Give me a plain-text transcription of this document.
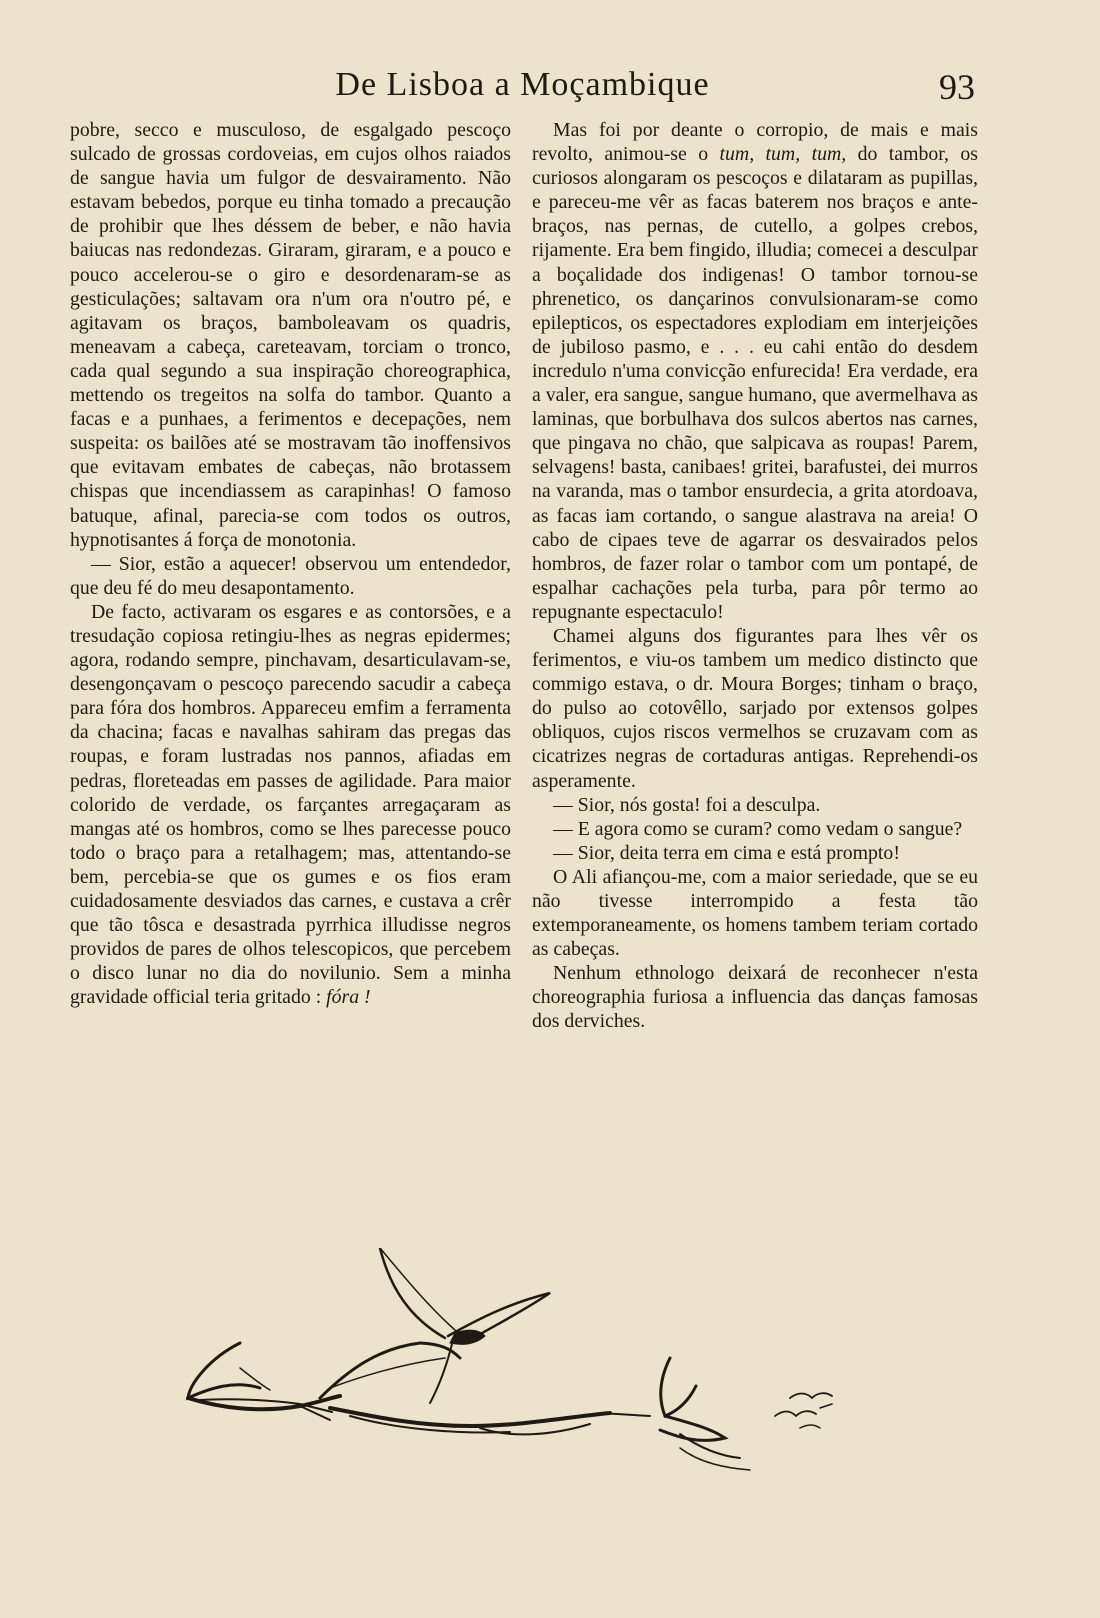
De Lisboa a Moçambique	93

pobre, secco e musculoso, de esgalgado pescoço sulcado de grossas cordoveias, em cujos olhos raiados de sangue havia um fulgor de desvairamento. Não estavam bebedos, porque eu tinha tomado a precaução de prohibir que lhes déssem de beber, e não havia baiucas nas redondezas. Giraram, giraram, e a pouco e pouco accelerou-se o giro e desordenaram-se as gesticulações; saltavam ora n'um ora n'outro pé, e agitavam os braços, bamboleavam os quadris, meneavam a cabeça, careteavam, torciam o tronco, cada qual segundo a sua inspiração choreographica, mettendo os tregeitos na solfa do tambor. Quanto a facas e a punhaes, a ferimentos e decepações, nem suspeita: os bailões até se mostravam tão inoffensivos que evitavam embates de cabeças, não brotassem chispas que incendiassem as carapinhas! O famoso batuque, afinal, parecia-se com todos os outros, hypnotisantes á força de monotonia.

— Sior, estão a aquecer! observou um entendedor, que deu fé do meu desapontamento.

De facto, activaram os esgares e as contorsões, e a tresudação copiosa retingiu-lhes as negras epidermes; agora, rodando sempre, pinchavam, desarticulavam-se, desengonçavam o pescoço parecendo sacudir a cabeça para fóra dos hombros. Appareceu emfim a ferramenta da chacina; facas e navalhas sahiram das pregas das roupas, e foram lustradas nos pannos, afiadas em pedras, floreteadas em passes de agilidade. Para maior colorido de verdade, os farçantes arregaçaram as mangas até os hombros, como se lhes parecesse pouco todo o braço para a retalhagem; mas, attentando-se bem, percebia-se que os gumes e os fios eram cuidadosamente desviados das carnes, e custava a crêr que tão tôsca e desastrada pyrrhica illudisse negros providos de pares de olhos telescopicos, que percebem o disco lunar no dia do novilunio. Sem a minha gravidade official teria gritado : fóra !

Mas foi por deante o corropio, de mais e mais revolto, animou-se o tum, tum, tum, do tambor, os curiosos alongaram os pescoços e dilataram as pupillas, e pareceu-me vêr as facas baterem nos braços e ante-braços, nas pernas, de cutello, a golpes crebos, rijamente. Era bem fingido, illudia; comecei a desculpar a boçalidade dos indigenas! O tambor tornou-se phrenetico, os dançarinos convulsionaram-se como epilepticos, os espectadores explodiam em interjeições de jubiloso pasmo, e . . . eu cahi então do desdem incredulo n'uma convicção enfurecida! Era verdade, era a valer, era sangue, sangue humano, que avermelhava as laminas, que borbulhava dos sulcos abertos nas carnes, que pingava no chão, que salpicava as roupas! Parem, selvagens! basta, canibaes! gritei, barafustei, dei murros na varanda, mas o tambor ensurdecia, a grita atordoava, as facas iam cortando, o sangue alastrava na areia! O cabo de cipaes teve de agarrar os desvairados pelos hombros, de fazer rolar o tambor com um pontapé, de espalhar cachações pela turba, para pôr termo ao repugnante espectaculo!

Chamei alguns dos figurantes para lhes vêr os ferimentos, e viu-os tambem um medico distincto que commigo estava, o dr. Moura Borges; tinham o braço, do pulso ao cotovêllo, sarjado por extensos golpes obliquos, cujos riscos vermelhos se cruzavam com as cicatrizes negras de cortaduras antigas. Reprehendi-os asperamente.

— Sior, nós gosta! foi a desculpa.

— E agora como se curam? como vedam o sangue?

— Sior, deita terra em cima e está prompto!

O Ali afiançou-me, com a maior seriedade, que se eu não tivesse interrompido a festa tão extemporaneamente, os homens tambem teriam cortado as cabeças.

Nenhum ethnologo deixará de reconhecer n'esta choreographia furiosa a influencia das danças famosas dos derviches.
